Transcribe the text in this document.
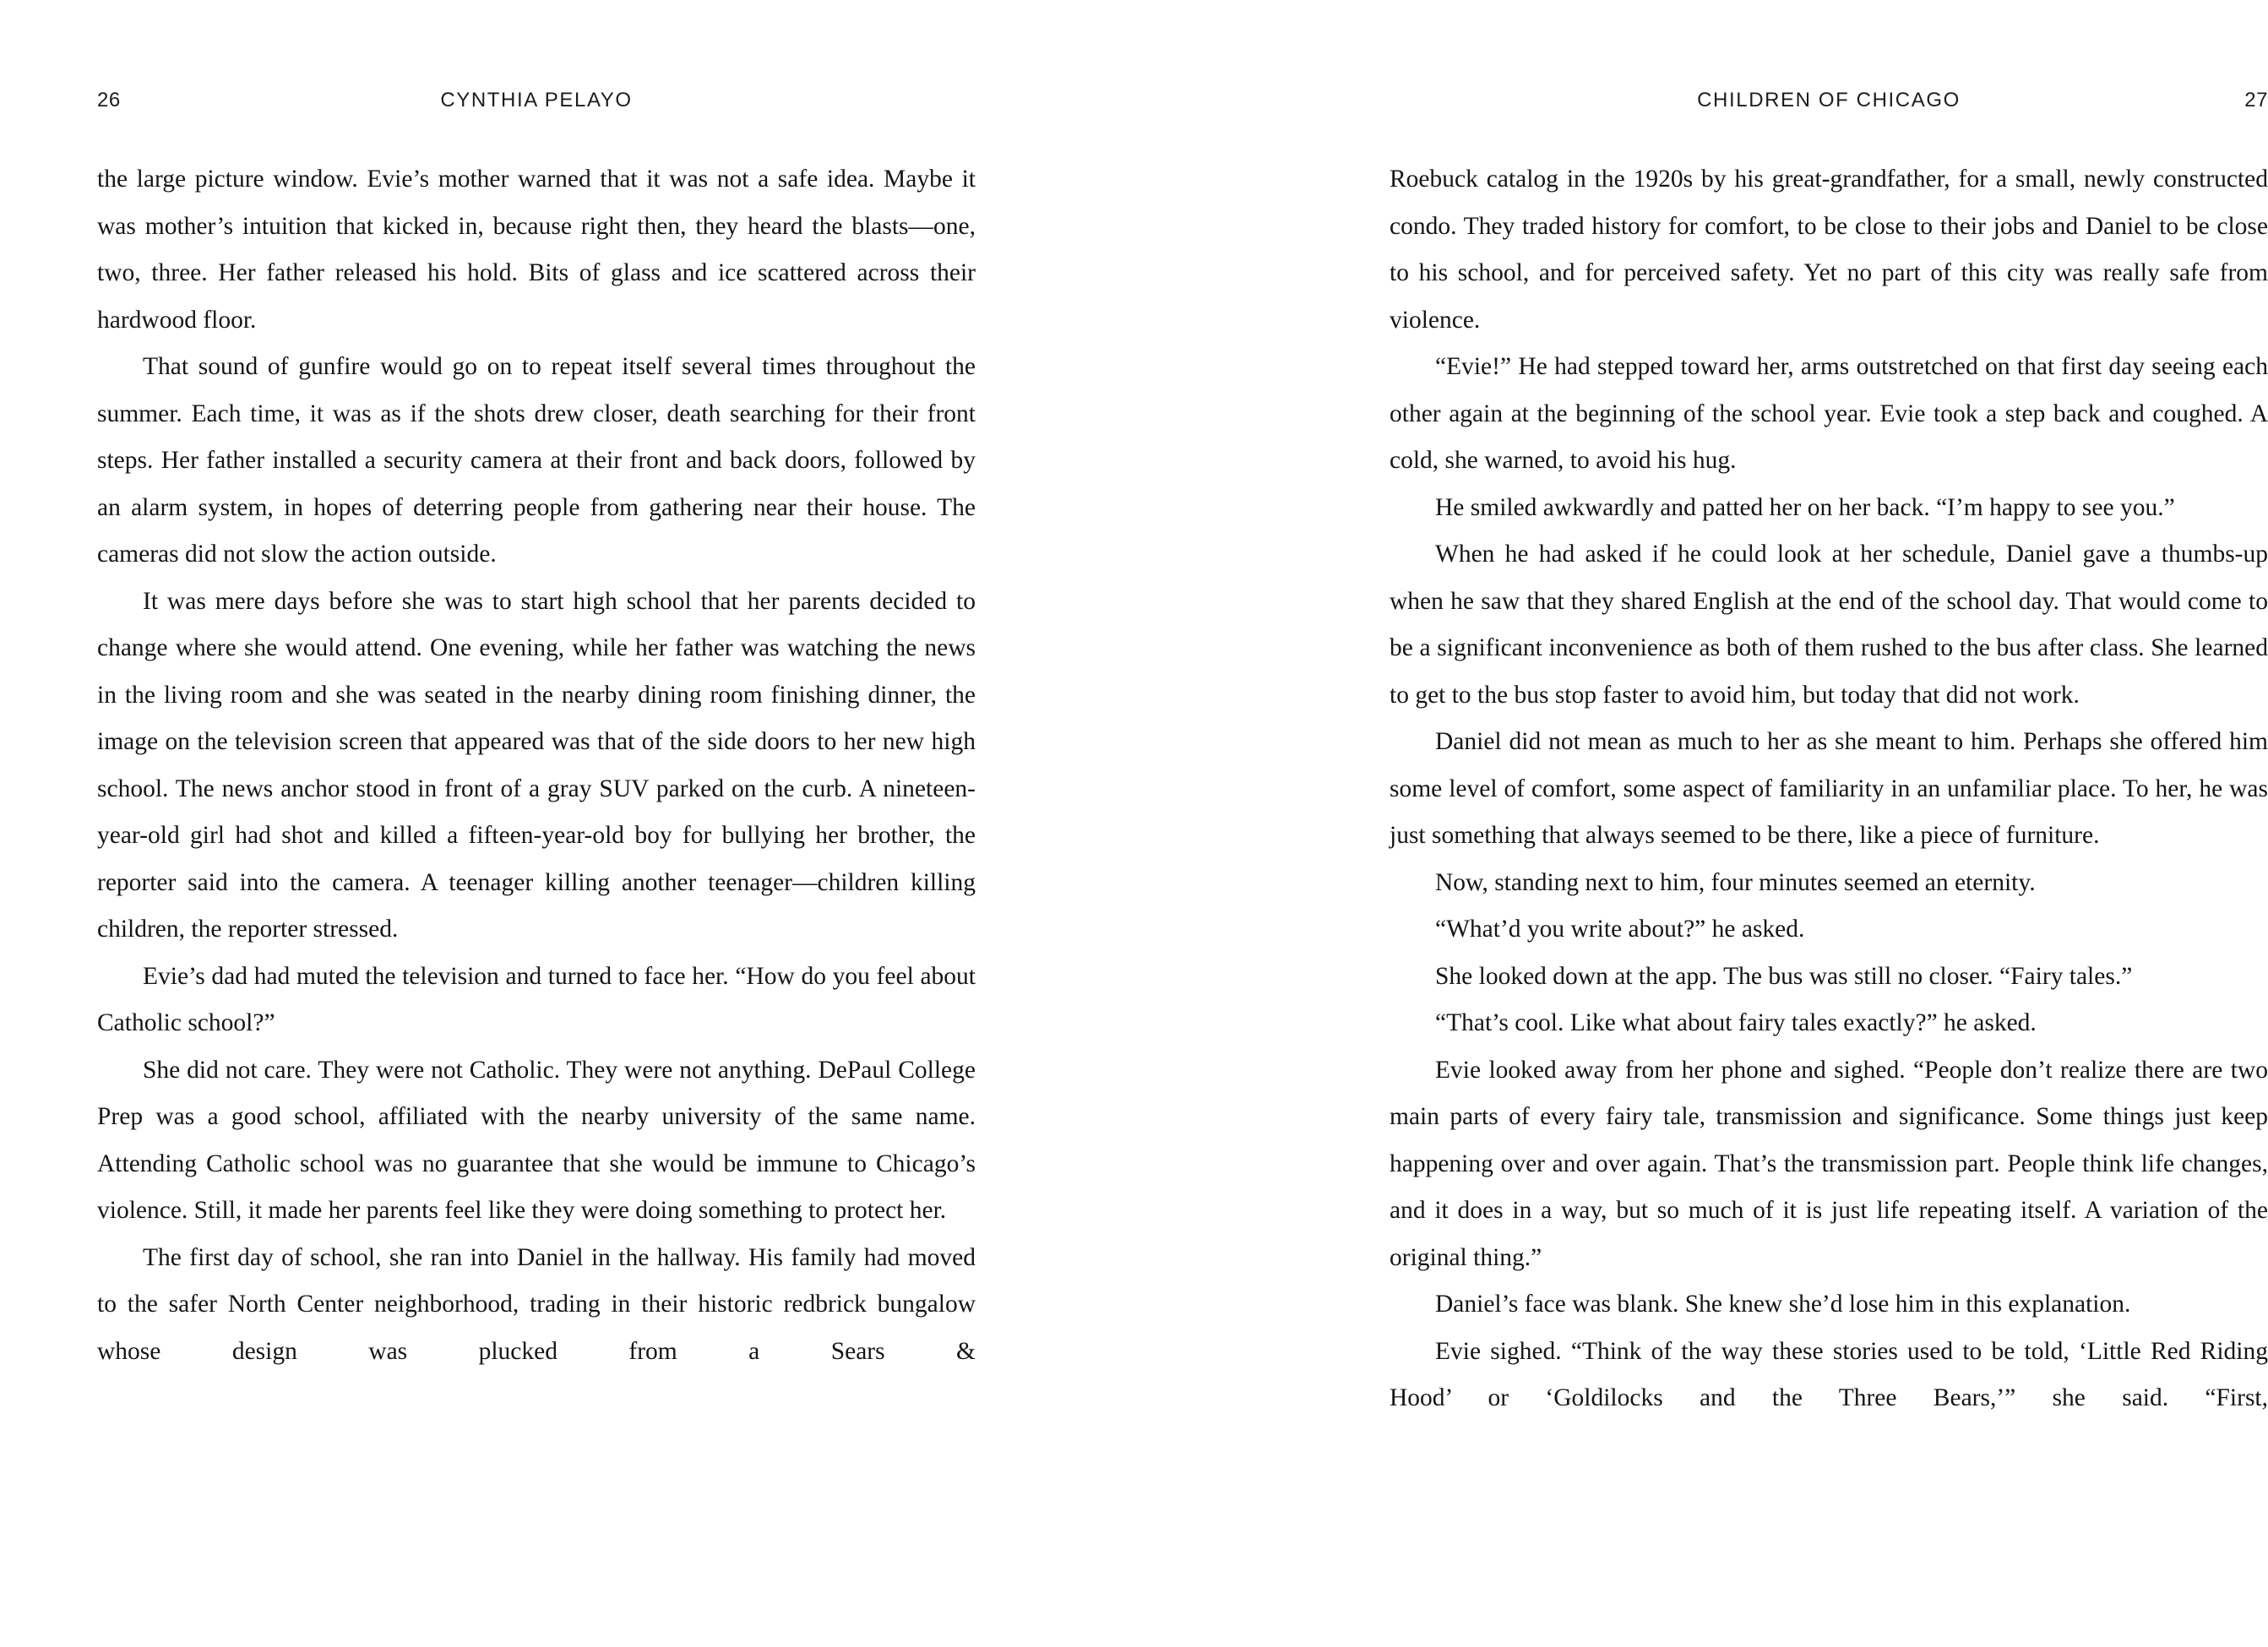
26	CYNTHIA PELAYO

the large picture window. Evie’s mother warned that it was not a safe idea. Maybe it was mother’s intuition that kicked in, because right then, they heard the blasts—one, two, three. Her father released his hold. Bits of glass and ice scattered across their hardwood floor.

That sound of gunfire would go on to repeat itself several times throughout the summer. Each time, it was as if the shots drew closer, death searching for their front steps. Her father installed a security camera at their front and back doors, followed by an alarm system, in hopes of deterring people from gathering near their house. The cameras did not slow the action outside.

It was mere days before she was to start high school that her parents decided to change where she would attend. One evening, while her father was watching the news in the living room and she was seated in the nearby dining room finishing dinner, the image on the television screen that appeared was that of the side doors to her new high school. The news anchor stood in front of a gray SUV parked on the curb. A nineteen-year-old girl had shot and killed a fifteen-year-old boy for bullying her brother, the reporter said into the camera. A teenager killing another teenager—children killing children, the reporter stressed.

Evie’s dad had muted the television and turned to face her. “How do you feel about Catholic school?”

She did not care. They were not Catholic. They were not anything. DePaul College Prep was a good school, affiliated with the nearby university of the same name. Attending Catholic school was no guarantee that she would be immune to Chicago’s violence. Still, it made her parents feel like they were doing something to protect her.

The first day of school, she ran into Daniel in the hallway. His family had moved to the safer North Center neighborhood, trading in their historic redbrick bungalow whose design was plucked from a Sears &

CHILDREN OF CHICAGO	27

Roebuck catalog in the 1920s by his great-grandfather, for a small, newly constructed condo. They traded history for comfort, to be close to their jobs and Daniel to be close to his school, and for perceived safety. Yet no part of this city was really safe from violence.

“Evie!” He had stepped toward her, arms outstretched on that first day seeing each other again at the beginning of the school year. Evie took a step back and coughed. A cold, she warned, to avoid his hug.

He smiled awkwardly and patted her on her back. “I’m happy to see you.”

When he had asked if he could look at her schedule, Daniel gave a thumbs-up when he saw that they shared English at the end of the school day. That would come to be a significant inconvenience as both of them rushed to the bus after class. She learned to get to the bus stop faster to avoid him, but today that did not work.

Daniel did not mean as much to her as she meant to him. Perhaps she offered him some level of comfort, some aspect of familiarity in an unfamiliar place. To her, he was just something that always seemed to be there, like a piece of furniture.

Now, standing next to him, four minutes seemed an eternity.

“What’d you write about?” he asked.

She looked down at the app. The bus was still no closer. “Fairy tales.”

“That’s cool. Like what about fairy tales exactly?” he asked.

Evie looked away from her phone and sighed. “People don’t realize there are two main parts of every fairy tale, transmission and significance. Some things just keep happening over and over again. That’s the transmission part. People think life changes, and it does in a way, but so much of it is just life repeating itself. A variation of the original thing.”

Daniel’s face was blank. She knew she’d lose him in this explanation.

Evie sighed. “Think of the way these stories used to be told, ‘Little Red Riding Hood’ or ‘Goldilocks and the Three Bears,’” she said. “First,
